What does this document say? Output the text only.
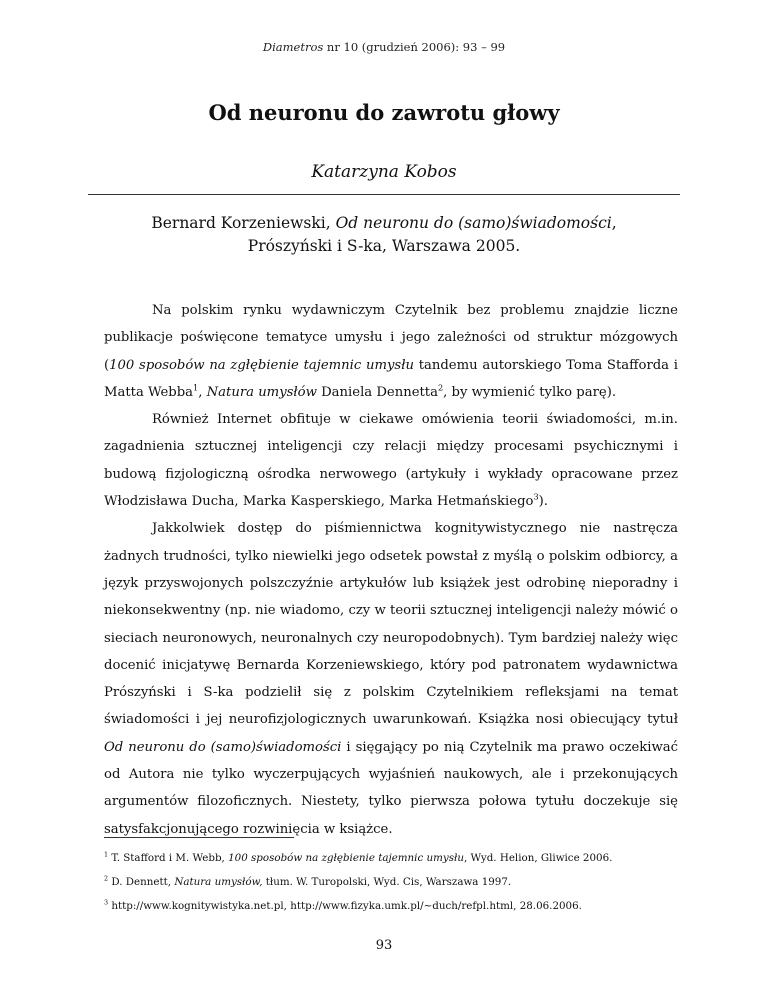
Diametros nr 10 (grudzień 2006): 93 – 99
Od neuronu do zawrotu głowy
Katarzyna Kobos
Bernard Korzeniewski, Od neuronu do (samo)świadomości,
Prószyński i S-ka, Warszawa 2005.

Na polskim rynku wydawniczym Czytelnik bez problemu znajdzie liczne publikacje poświęcone tematyce umysłu i jego zależności od struktur mózgowych (100 sposobów na zgłębienie tajemnic umysłu tandemu autorskiego Toma Stafforda i Matta Webba$^1$, Natura umysłów Daniela Dennetta$^2$, by wymienić tylko parę).

Również Internet obfituje w ciekawe omówienia teorii świadomości, m.in. zagadnienia sztucznej inteligencji czy relacji między procesami psychicznymi i budową fizjologiczną ośrodka nerwowego (artykuły i wykłady opracowane przez Włodzisława Ducha, Marka Kasperskiego, Marka Hetmańskiego$^3$).

Jakkolwiek dostęp do piśmiennictwa kognitywistycznego nie nastręcza żadnych trudności, tylko niewielki jego odsetek powstał z myślą o polskim odbiorcy, a język przyswojonych polszczyźnie artykułów lub książek jest odrobinę nieporadny i niekonsekwentny (np. nie wiadomo, czy w teorii sztucznej inteligencji należy mówić o sieciach neuronowych, neuronalnych czy neuropodobnych). Tym bardziej należy więc docenić inicjatywę Bernarda Korzeniewskiego, który pod patronatem wydawnictwa Prószyński i S-ka podzielił się z polskim Czytelnikiem refleksjami na temat świadomości i jej neurofizjologicznych uwarunkowań. Książka nosi obiecujący tytuł Od neuronu do (samo)świadomości i sięgający po nią Czytelnik ma prawo oczekiwać od Autora nie tylko wyczerpujących wyjaśnień naukowych, ale i przekonujących argumentów filozoficznych. Niestety, tylko pierwsza połowa tytułu doczekuje się satysfakcjonującego rozwinięcia w książce.

$^1$ T. Stafford i M. Webb, 100 sposobów na zgłębienie tajemnic umysłu, Wyd. Helion, Gliwice 2006.
$^2$ D. Dennett, Natura umysłów, tłum. W. Turopolski, Wyd. Cis, Warszawa 1997.
$^3$ http://www.kognitywistyka.net.pl, http://www.fizyka.umk.pl/~duch/refpl.html, 28.06.2006.
93
